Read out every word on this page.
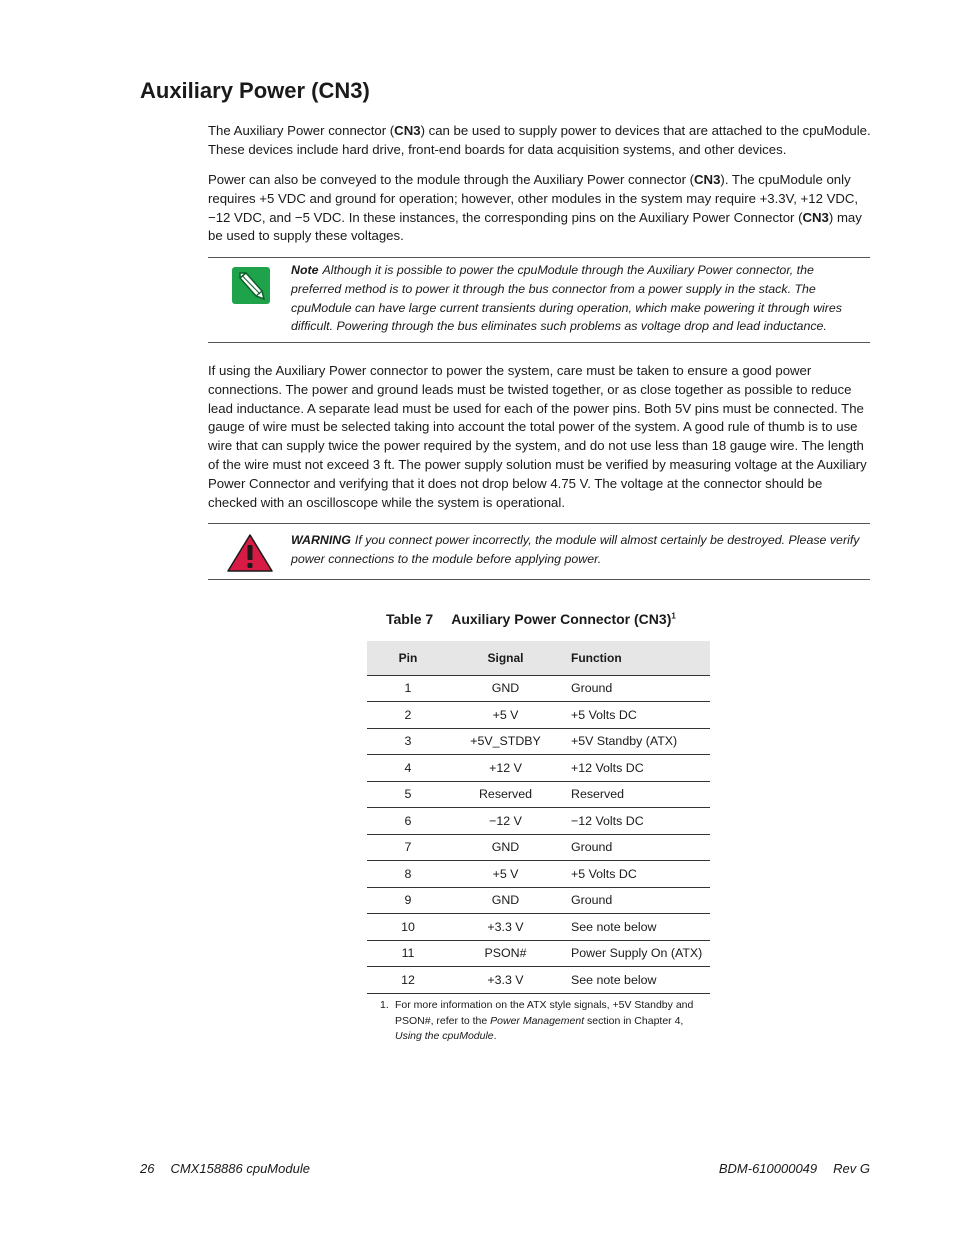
Auxiliary Power (CN3)

The Auxiliary Power connector (CN3) can be used to supply power to devices that are attached to the cpuModule. These devices include hard drive, front-end boards for data acquisition systems, and other devices.

Power can also be conveyed to the module through the Auxiliary Power connector (CN3). The cpuModule only requires +5 VDC and ground for operation; however, other modules in the system may require +3.3V, +12 VDC, −12 VDC, and −5 VDC. In these instances, the corresponding pins on the Auxiliary Power Connector (CN3) may be used to supply these voltages.

Note Although it is possible to power the cpuModule through the Auxiliary Power connector, the preferred method is to power it through the bus connector from a power supply in the stack. The cpuModule can have large current transients during operation, which make powering it through wires difficult. Powering through the bus eliminates such problems as voltage drop and lead inductance.

If using the Auxiliary Power connector to power the system, care must be taken to ensure a good power connections. The power and ground leads must be twisted together, or as close together as possible to reduce lead inductance. A separate lead must be used for each of the power pins. Both 5V pins must be connected. The gauge of wire must be selected taking into account the total power of the system. A good rule of thumb is to use wire that can supply twice the power required by the system, and do not use less than 18 gauge wire. The length of the wire must not exceed 3 ft. The power supply solution must be verified by measuring voltage at the Auxiliary Power Connector and verifying that it does not drop below 4.75 V. The voltage at the connector should be checked with an oscilloscope while the system is operational.

WARNING If you connect power incorrectly, the module will almost certainly be destroyed. Please verify power connections to the module before applying power.

Table 7 Auxiliary Power Connector $(CN3)^1$
Pin	Signal	Function
1	GND	Ground
2	+5 V	+5 Volts DC
3	+5V_STDBY	+5V Standby (ATX)
4	+12 V	+12 Volts DC
5	Reserved	Reserved
6	−12 V	−12 Volts DC
7	GND	Ground
8	+5 V	+5 Volts DC
9	GND	Ground
10	+3.3 V	See note below
11	PSON#	Power Supply On (ATX)
12	+3.3 V	See note below
1. For more information on the ATX style signals, +5V Standby and PSON#, refer to the Power Management section in Chapter 4, Using the cpuModule.
26 CMX158886 cpuModule	BDM-610000049 Rev G
